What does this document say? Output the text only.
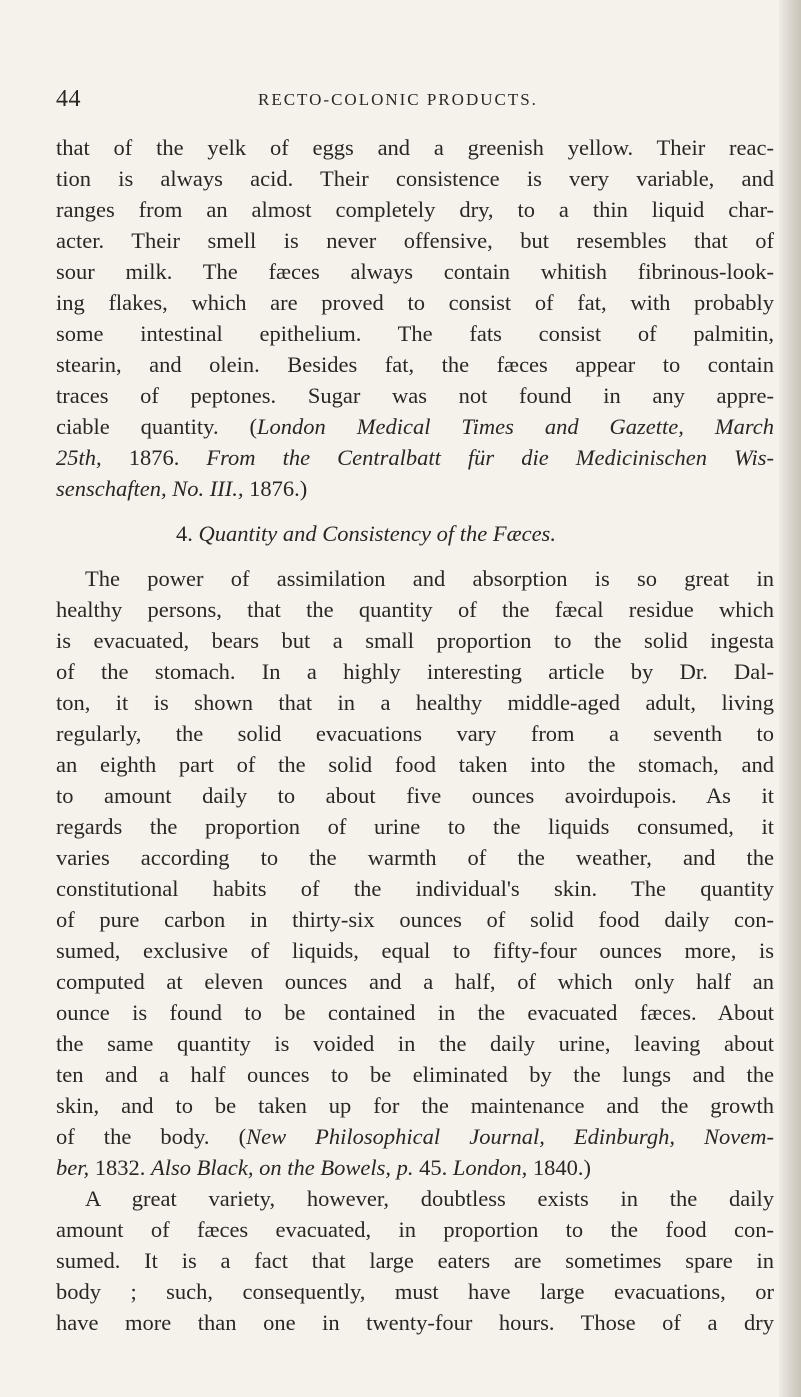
44	RECTO-COLONIC PRODUCTS.
that of the yelk of eggs and a greenish yellow. Their reac-
tion is always acid. Their consistence is very variable, and
ranges from an almost completely dry, to a thin liquid char-
acter. Their smell is never offensive, but resembles that of
sour milk. The fæces always contain whitish fibrinous-look-
ing flakes, which are proved to consist of fat, with probably
some intestinal epithelium. The fats consist of palmitin,
stearin, and olein. Besides fat, the fæces appear to contain
traces of peptones. Sugar was not found in any appre-
ciable quantity. (London Medical Times and Gazette, March
25th, 1876. From the Centralbatt für die Medicinischen Wis-
senschaften, No. III., 1876.)
4. Quantity and Consistency of the Fæces.
The power of assimilation and absorption is so great in
healthy persons, that the quantity of the fæcal residue which
is evacuated, bears but a small proportion to the solid ingesta
of the stomach. In a highly interesting article by Dr. Dal-
ton, it is shown that in a healthy middle-aged adult, living
regularly, the solid evacuations vary from a seventh to
an eighth part of the solid food taken into the stomach, and
to amount daily to about five ounces avoirdupois. As it
regards the proportion of urine to the liquids consumed, it
varies according to the warmth of the weather, and the
constitutional habits of the individual's skin. The quantity
of pure carbon in thirty-six ounces of solid food daily con-
sumed, exclusive of liquids, equal to fifty-four ounces more, is
computed at eleven ounces and a half, of which only half an
ounce is found to be contained in the evacuated fæces. About
the same quantity is voided in the daily urine, leaving about
ten and a half ounces to be eliminated by the lungs and the
skin, and to be taken up for the maintenance and the growth
of the body. (New Philosophical Journal, Edinburgh, Novem-
ber, 1832. Also Black, on the Bowels, p. 45. London, 1840.)
A great variety, however, doubtless exists in the daily
amount of fæces evacuated, in proportion to the food con-
sumed. It is a fact that large eaters are sometimes spare in
body ; such, consequently, must have large evacuations, or
have more than one in twenty-four hours. Those of a dry
